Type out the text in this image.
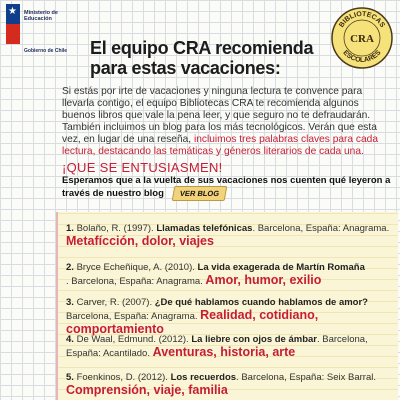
★ Ministerio de
Educación
Gobierno de Chile
BIBLIOTECAS
CRA
ESCOLARES
El equipo CRA recomienda
para estas vacaciones:
Si estás por irte de vacaciones y ninguna lectura te convence para llevarla contigo, el equipo Bibliotecas CRA te recomienda algunos buenos libros que vale la pena leer, y que seguro no te defraudarán. También incluimos un blog para los más tecnológicos. Verán que esta vez, en lugar de una reseña, incluimos tres palabras claves para cada lectura, destacando las temáticas y géneros literarios de cada una.
¡QUE SE ENTUSIASMEN!
Esperamos que a la vuelta de sus vacaciones nos cuenten qué leyeron a través de nuestro blog VER BLOG
1. Bolaño, R. (1997). Llamadas telefónicas. Barcelona, España: Anagrama.
Metafícción, dolor, viajes
2. Bryce Echeñique, A. (2010). La vida exagerada de Martín Romaña
. Barcelona, España: Anagrama. Amor, humor, exilio
3. Carver, R. (2007). ¿De qué hablamos cuando hablamos de amor?
Barcelona, España: Anagrama. Realidad, cotidiano, comportamiento
4. De Waal, Edmund. (2012). La liebre con ojos de ámbar. Barcelona, España: Acantilado. Aventuras, historia, arte
5. Foenkinos, D. (2012). Los recuerdos. Barcelona, España: Seix Barral.
Comprensión, viaje, familia
